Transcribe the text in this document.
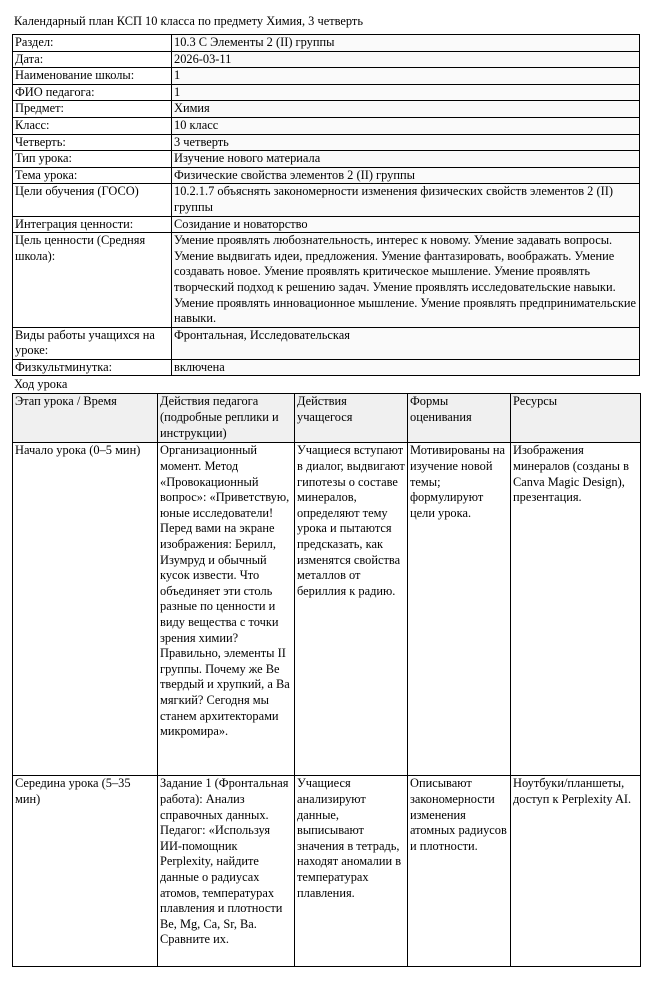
Календарный план КСП 10 класса по предмету Химия, 3 четверть
Раздел:	10.3 С Элементы 2 (II) группы
Дата:	2026-03-11
Наименование школы:	1
ФИО педагога:	1
Предмет:	Химия
Класс:	10 класс
Четверть:	3 четверть
Тип урока:	Изучение нового материала
Тема урока:	Физические свойства элементов 2 (II) группы
Цели обучения (ГОСО)	10.2.1.7 объяснять закономерности изменения физических свойств элементов 2 (II) группы
Интеграция ценности:	Созидание и новаторство
Цель ценности (Средняя школа):	Умение проявлять любознательность, интерес к новому. Умение задавать вопросы. Умение выдвигать идеи, предложения. Умение фантазировать, воображать. Умение создавать новое. Умение проявлять критическое мышление. Умение проявлять творческий подход к решению задач. Умение проявлять исследовательские навыки. Умение проявлять инновационное мышление. Умение проявлять предпринимательские навыки.
Виды работы учащихся на уроке:	Фронтальная, Исследовательская
Физкультминутка:	включена
Ход урока
Этап урока / Время	Действия педагога (подробные реплики и инструкции)	Действия учащегося	Формы оценивания	Ресурсы
Начало урока (0–5 мин)	Организационный момент. Метод «Провокационный вопрос»: «Приветствую, юные исследователи! Перед вами на экране изображения: Берилл, Изумруд и обычный кусок извести. Что объединяет эти столь разные по ценности и виду вещества с точки зрения химии? Правильно, элементы II группы. Почему же Be твердый и хрупкий, а Ba мягкий? Сегодня мы станем архитекторами микромира».	Учащиеся вступают в диалог, выдвигают гипотезы о составе минералов, определяют тему урока и пытаются предсказать, как изменятся свойства металлов от бериллия к радию.	Мотивированы на изучение новой темы; формулируют цели урока.	Изображения минералов (созданы в Canva Magic Design), презентация.
Середина урока (5–35 мин)	Задание 1 (Фронтальная работа): Анализ справочных данных. Педагог: «Используя ИИ-помощник Perplexity, найдите данные о радиусах атомов, температурах плавления и плотности Be, Mg, Ca, Sr, Ba. Сравните их.	Учащиеся анализируют данные, выписывают значения в тетрадь, находят аномалии в температурах плавления.	Описывают закономерности изменения атомных радиусов и плотности.	Ноутбуки/планшеты, доступ к Perplexity AI.
